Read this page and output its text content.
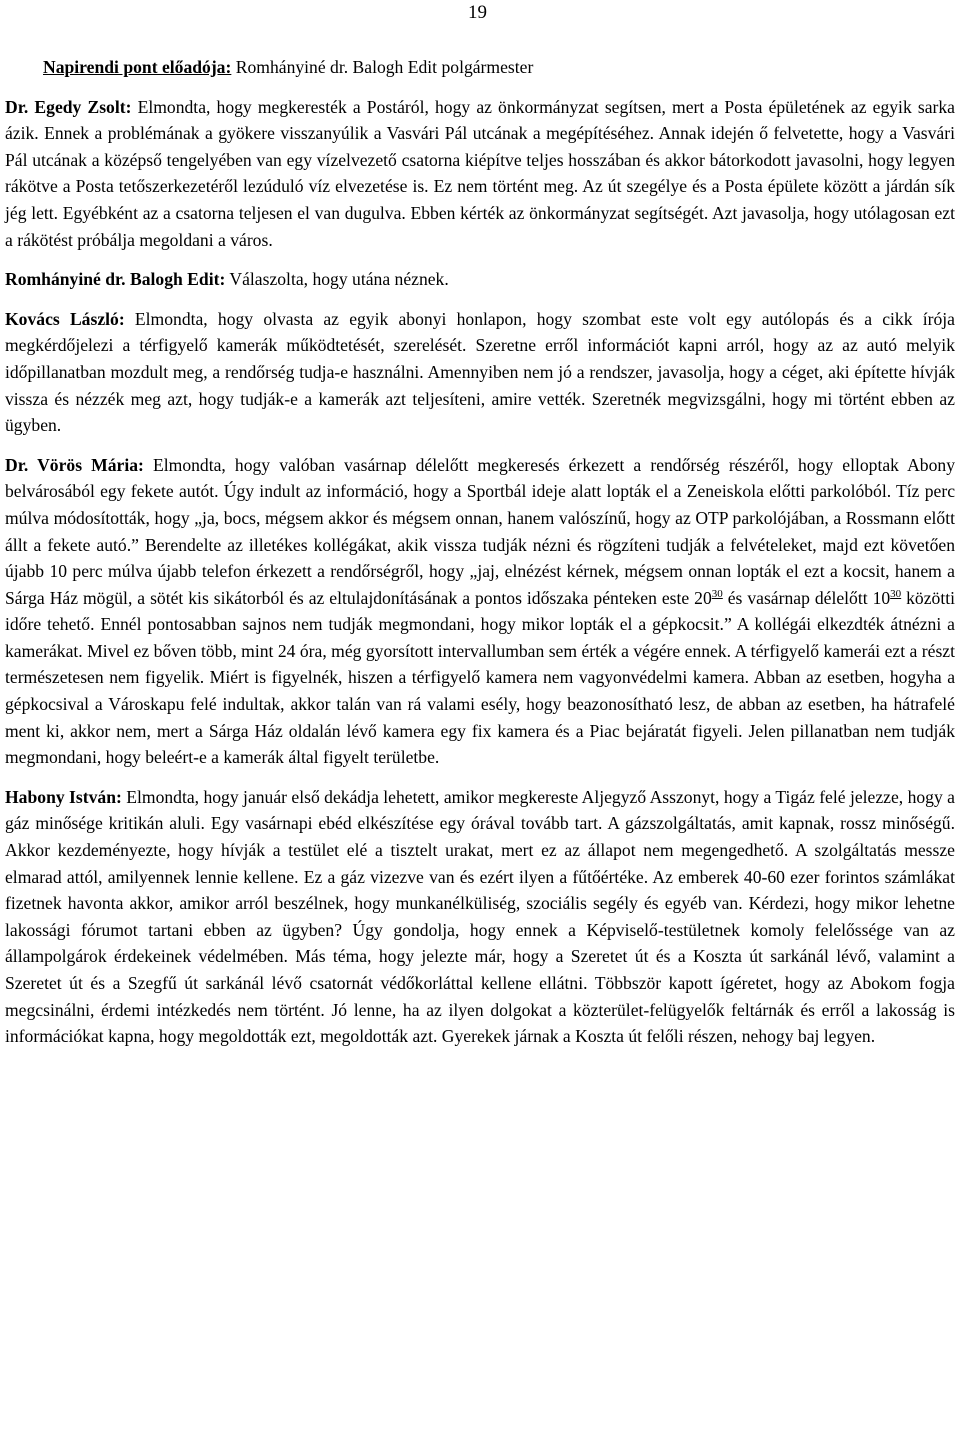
19

Napirendi pont előadója: Romhányiné dr. Balogh Edit polgármester

Dr. Egedy Zsolt: Elmondta, hogy megkeresték a Postáról, hogy az önkormányzat segítsen, mert a Posta épületének az egyik sarka ázik. Ennek a problémának a gyökere visszanyúlik a Vasvári Pál utcának a megépítéséhez. Annak idején ő felvetette, hogy a Vasvári Pál utcának a középső tengelyében van egy vízelvezető csatorna kiépítve teljes hosszában és akkor bátorkodott javasolni, hogy legyen rákötve a Posta tetőszerkezetéről lezúduló víz elvezetése is. Ez nem történt meg. Az út szegélye és a Posta épülete között a járdán sík jég lett. Egyébként az a csatorna teljesen el van dugulva. Ebben kérték az önkormányzat segítségét. Azt javasolja, hogy utólagosan ezt a rákötést próbálja megoldani a város.

Romhányiné dr. Balogh Edit: Válaszolta, hogy utána néznek.

Kovács László: Elmondta, hogy olvasta az egyik abonyi honlapon, hogy szombat este volt egy autólopás és a cikk írója megkérdőjelezi a térfigyelő kamerák működtetését, szerelését. Szeretne erről információt kapni arról, hogy az az autó melyik időpillanatban mozdult meg, a rendőrség tudja-e használni. Amennyiben nem jó a rendszer, javasolja, hogy a céget, aki építette hívják vissza és nézzék meg azt, hogy tudják-e a kamerák azt teljesíteni, amire vették. Szeretnék megvizsgálni, hogy mi történt ebben az ügyben.

Dr. Vörös Mária: Elmondta, hogy valóban vasárnap délelőtt megkeresés érkezett a rendőrség részéről, hogy elloptak Abony belvárosából egy fekete autót. Úgy indult az információ, hogy a Sportbál ideje alatt lopták el a Zeneiskola előtti parkolóból. Tíz perc múlva módosították, hogy „ja, bocs, mégsem akkor és mégsem onnan, hanem valószínű, hogy az OTP parkolójában, a Rossmann előtt állt a fekete autó.” Berendelte az illetékes kollégákat, akik vissza tudják nézni és rögzíteni tudják a felvételeket, majd ezt követően újabb 10 perc múlva újabb telefon érkezett a rendőrségről, hogy „jaj, elnézést kérnek, mégsem onnan lopták el ezt a kocsit, hanem a Sárga Ház mögül, a sötét kis sikátorból és az eltulajdonításának a pontos időszaka pénteken este $20^{30}$ és vasárnap délelőtt $10^{30}$ közötti időre tehető. Ennél pontosabban sajnos nem tudják megmondani, hogy mikor lopták el a gépkocsit.” A kollégái elkezdték átnézni a kamerákat. Mivel ez bőven több, mint 24 óra, még gyorsított intervallumban sem érték a végére ennek. A térfigyelő kamerái ezt a részt természetesen nem figyelik. Miért is figyelnék, hiszen a térfigyelő kamera nem vagyonvédelmi kamera. Abban az esetben, hogyha a gépkocsival a Városkapu felé indultak, akkor talán van rá valami esély, hogy beazonosítható lesz, de abban az esetben, ha hátrafelé ment ki, akkor nem, mert a Sárga Ház oldalán lévő kamera egy fix kamera és a Piac bejáratát figyeli. Jelen pillanatban nem tudják megmondani, hogy beleért-e a kamerák által figyelt területbe.

Habony István: Elmondta, hogy január első dekádja lehetett, amikor megkereste Aljegyző Asszonyt, hogy a Tigáz felé jelezze, hogy a gáz minősége kritikán aluli. Egy vasárnapi ebéd elkészítése egy órával tovább tart. A gázszolgáltatás, amit kapnak, rossz minőségű. Akkor kezdeményezte, hogy hívják a testület elé a tisztelt urakat, mert ez az állapot nem megengedhető. A szolgáltatás messze elmarad attól, amilyennek lennie kellene. Ez a gáz vizezve van és ezért ilyen a fűtőértéke. Az emberek 40-60 ezer forintos számlákat fizetnek havonta akkor, amikor arról beszélnek, hogy munkanélküliség, szociális segély és egyéb van. Kérdezi, hogy mikor lehetne lakossági fórumot tartani ebben az ügyben? Úgy gondolja, hogy ennek a Képviselő-testületnek komoly felelőssége van az állampolgárok érdekeinek védelmében. Más téma, hogy jelezte már, hogy a Szeretet út és a Koszta út sarkánál lévő, valamint a Szeretet út és a Szegfű út sarkánál lévő csatornát védőkorláttal kellene ellátni. Többször kapott ígéretet, hogy az Abokom fogja megcsinálni, érdemi intézkedés nem történt. Jó lenne, ha az ilyen dolgokat a közterület-felügyelők feltárnák és erről a lakosság is információkat kapna, hogy megoldották ezt, megoldották azt. Gyerekek járnak a Koszta út felőli részen, nehogy baj legyen.
